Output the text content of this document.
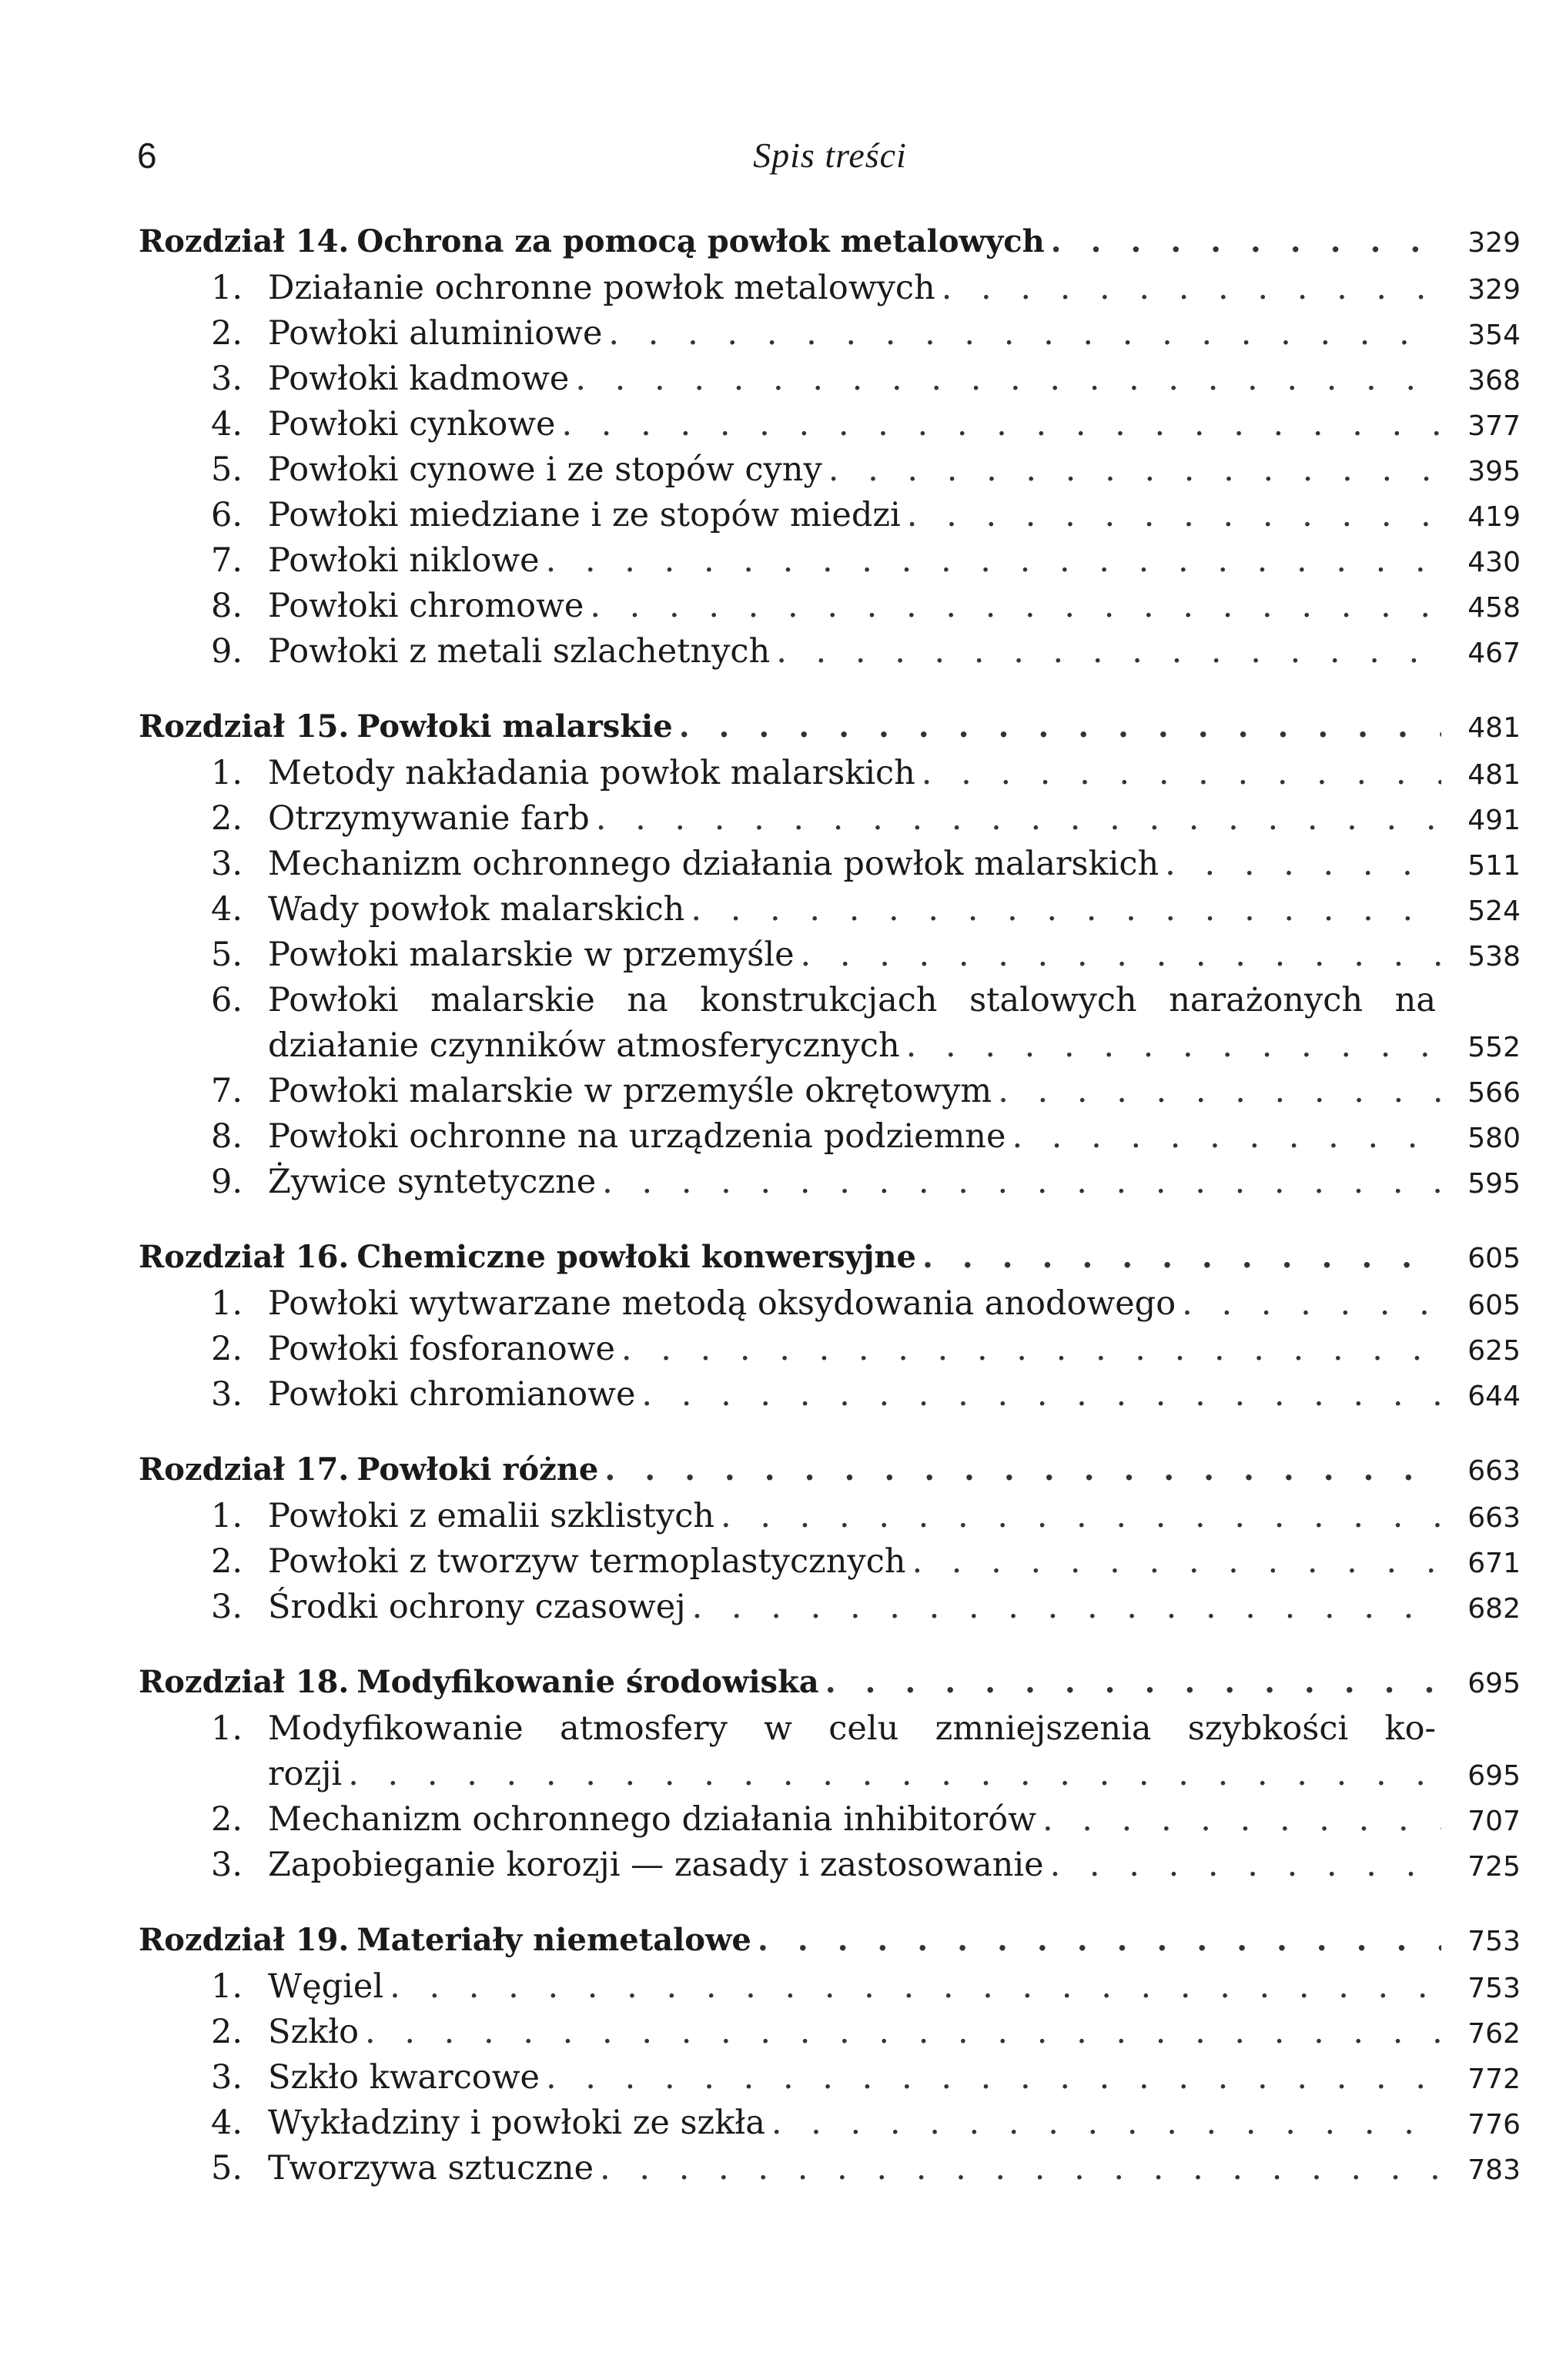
6	Spis treści
Rozdział 14. Ochrona za pomocą powłok metalowych . . .	329
1. Działanie ochronne powłok metalowych . . .	329
2. Powłoki aluminiowe . . .	354
3. Powłoki kadmowe . . .	368
4. Powłoki cynkowe . . .	377
5. Powłoki cynowe i ze stopów cyny . . .	395
6. Powłoki miedziane i ze stopów miedzi . . .	419
7. Powłoki niklowe . . .	430
8. Powłoki chromowe . . .	458
9. Powłoki z metali szlachetnych . . .	467
Rozdział 15. Powłoki malarskie . . .	481
1. Metody nakładania powłok malarskich . . .	481
2. Otrzymywanie farb . . .	491
3. Mechanizm ochronnego działania powłok malarskich . . .	511
4. Wady powłok malarskich . . .	524
5. Powłoki malarskie w przemyśle . . .	538
6. Powłoki malarskie na konstrukcjach stalowych narażonych na
działanie czynników atmosferycznych . . .	552
7. Powłoki malarskie w przemyśle okrętowym . . .	566
8. Powłoki ochronne na urządzenia podziemne . . .	580
9. Żywice syntetyczne . . .	595
Rozdział 16. Chemiczne powłoki konwersyjne . . .	605
1. Powłoki wytwarzane metodą oksydowania anodowego . . .	605
2. Powłoki fosforanowe . . .	625
3. Powłoki chromianowe . . .	644
Rozdział 17. Powłoki różne . . .	663
1. Powłoki z emalii szklistych . . .	663
2. Powłoki z tworzyw termoplastycznych . . .	671
3. Środki ochrony czasowej . . .	682
Rozdział 18. Modyfikowanie środowiska . . .	695
1. Modyfikowanie atmosfery w celu zmniejszenia szybkości ko-
rozji . . .	695
2. Mechanizm ochronnego działania inhibitorów . . .	707
3. Zapobieganie korozji — zasady i zastosowanie . . .	725
Rozdział 19. Materiały niemetalowe . . .	753
1. Węgiel . . .	753
2. Szkło . . .	762
3. Szkło kwarcowe . . .	772
4. Wykładziny i powłoki ze szkła . . .	776
5. Tworzywa sztuczne . . .	783
